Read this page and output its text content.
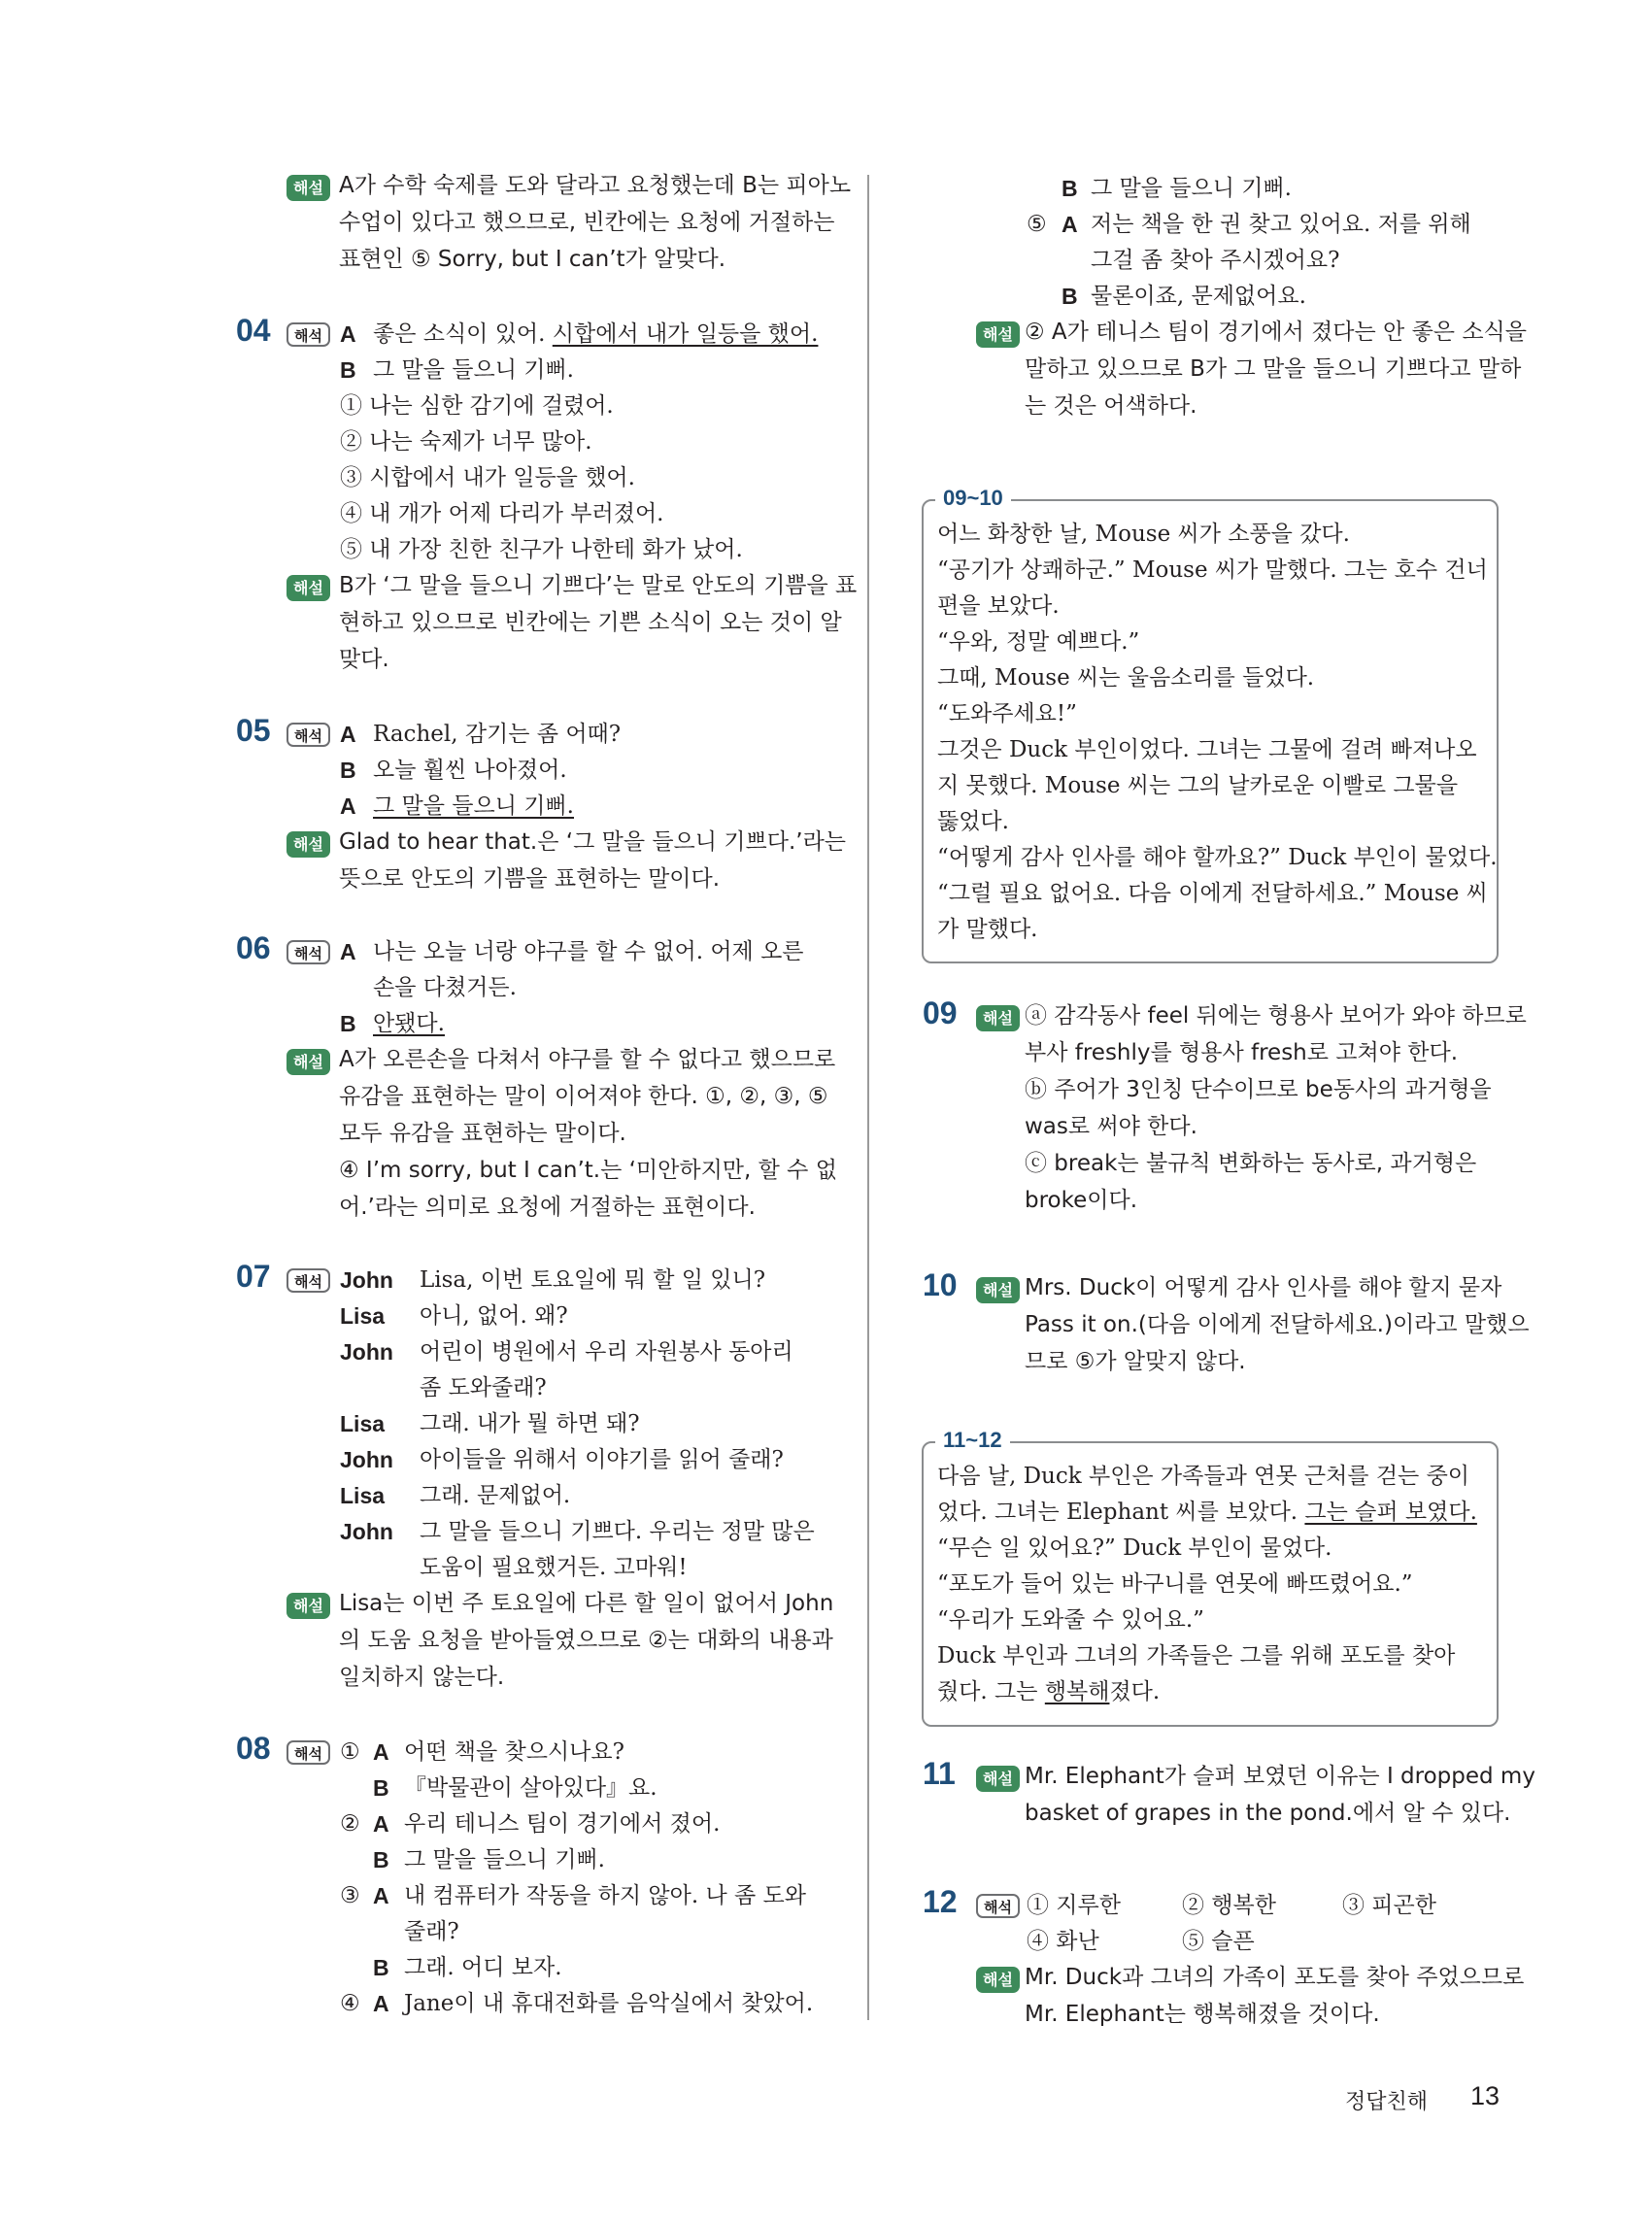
해설 A가 수학 숙제를 도와 달라고 요청했는데 B는 피아노
수업이 있다고 했으므로, 빈칸에는 요청에 거절하는
표현인 ⑤ Sorry, but I can’t가 알맞다.
04	해석 A 좋은 소식이 있어. 시합에서 내가 일등을 했어.
B 그 말을 들으니 기뻐.
① 나는 심한 감기에 걸렸어.
② 나는 숙제가 너무 많아.
③ 시합에서 내가 일등을 했어.
④ 내 개가 어제 다리가 부러졌어.
⑤ 내 가장 친한 친구가 나한테 화가 났어.
해설 B가 ‘그 말을 들으니 기쁘다’는 말로 안도의 기쁨을 표
현하고 있으므로 빈칸에는 기쁜 소식이 오는 것이 알
맞다.
05	해석 A Rachel, 감기는 좀 어때?
B 오늘 훨씬 나아졌어.
A 그 말을 들으니 기뻐.
해설 Glad to hear that.은 ‘그 말을 들으니 기쁘다.’라는
뜻으로 안도의 기쁨을 표현하는 말이다.
06	해석 A 나는 오늘 너랑 야구를 할 수 없어. 어제 오른
손을 다쳤거든.
B 안됐다.
해설 A가 오른손을 다쳐서 야구를 할 수 없다고 했으므로
유감을 표현하는 말이 이어져야 한다. ①, ②, ③, ⑤
모두 유감을 표현하는 말이다.
④ I’m sorry, but I can’t.는 ‘미안하지만, 할 수 없
어.’라는 의미로 요청에 거절하는 표현이다.
07	해석 John Lisa, 이번 토요일에 뭐 할 일 있니?
Lisa 아니, 없어. 왜?
John 어린이 병원에서 우리 자원봉사 동아리
좀 도와줄래?
Lisa 그래. 내가 뭘 하면 돼?
John 아이들을 위해서 이야기를 읽어 줄래?
Lisa 그래. 문제없어.
John 그 말을 들으니 기쁘다. 우리는 정말 많은
도움이 필요했거든. 고마워!
해설 Lisa는 이번 주 토요일에 다른 할 일이 없어서 John
의 도움 요청을 받아들였으므로 ②는 대화의 내용과
일치하지 않는다.
08	해석 ① A 어떤 책을 찾으시나요?
B 『박물관이 살아있다』요.
② A 우리 테니스 팀이 경기에서 졌어.
B 그 말을 들으니 기뻐.
③ A 내 컴퓨터가 작동을 하지 않아. 나 좀 도와
줄래?
B 그래. 어디 보자.
④ A Jane이 내 휴대전화를 음악실에서 찾았어.
B 그 말을 들으니 기뻐.
⑤ A 저는 책을 한 권 찾고 있어요. 저를 위해
그걸 좀 찾아 주시겠어요?
B 물론이죠, 문제없어요.
해설 ② A가 테니스 팀이 경기에서 졌다는 안 좋은 소식을
말하고 있으므로 B가 그 말을 들으니 기쁘다고 말하
는 것은 어색하다.
09~10
어느 화창한 날, Mouse 씨가 소풍을 갔다.
“공기가 상쾌하군.” Mouse 씨가 말했다. 그는 호수 건너
편을 보았다.
“우와, 정말 예쁘다.”
그때, Mouse 씨는 울음소리를 들었다.
“도와주세요!”
그것은 Duck 부인이었다. 그녀는 그물에 걸려 빠져나오
지 못했다. Mouse 씨는 그의 날카로운 이빨로 그물을
뚫었다.
“어떻게 감사 인사를 해야 할까요?” Duck 부인이 물었다.
“그럴 필요 없어요. 다음 이에게 전달하세요.” Mouse 씨
가 말했다.
09	해설 ⓐ 감각동사 feel 뒤에는 형용사 보어가 와야 하므로
부사 freshly를 형용사 fresh로 고쳐야 한다.
ⓑ 주어가 3인칭 단수이므로 be동사의 과거형을
was로 써야 한다.
ⓒ break는 불규칙 변화하는 동사로, 과거형은
broke이다.
10	해설 Mrs. Duck이 어떻게 감사 인사를 해야 할지 묻자
Pass it on.(다음 이에게 전달하세요.)이라고 말했으
므로 ⑤가 알맞지 않다.
11~12
다음 날, Duck 부인은 가족들과 연못 근처를 걷는 중이
었다. 그녀는 Elephant 씨를 보았다. 그는 슬퍼 보였다.
“무슨 일 있어요?” Duck 부인이 물었다.
“포도가 들어 있는 바구니를 연못에 빠뜨렸어요.”
“우리가 도와줄 수 있어요.”
Duck 부인과 그녀의 가족들은 그를 위해 포도를 찾아
줬다. 그는 행복해졌다.
11	해설 Mr. Elephant가 슬퍼 보였던 이유는 I dropped my
basket of grapes in the pond.에서 알 수 있다.
12	해석 ① 지루한	② 행복한	③ 피곤한
④ 화난	⑤ 슬픈
해설 Mr. Duck과 그녀의 가족이 포도를 찾아 주었으므로
Mr. Elephant는 행복해졌을 것이다.
정답친해 13
